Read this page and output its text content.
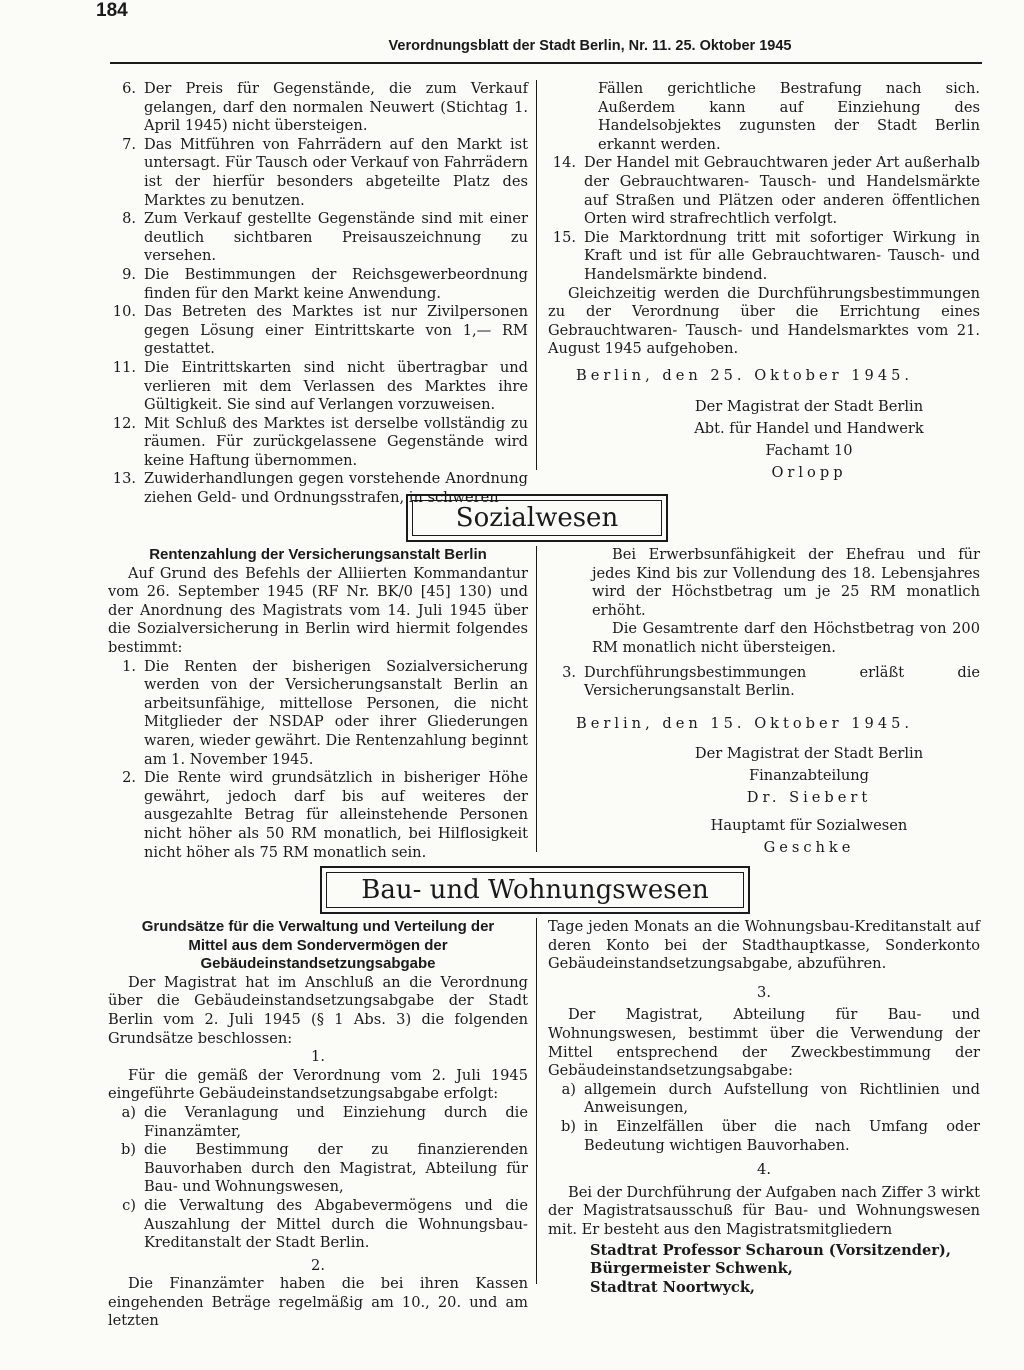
184
Verordnungsblatt der Stadt Berlin, Nr. 11. 25. Oktober 1945
6. Der Preis für Gegenstände, die zum Verkauf gelangen, darf den normalen Neuwert (Stichtag 1. April 1945) nicht übersteigen.
7. Das Mitführen von Fahrrädern auf den Markt ist untersagt. Für Tausch oder Verkauf von Fahrrädern ist der hierfür besonders abgeteilte Platz des Marktes zu benutzen.
8. Zum Verkauf gestellte Gegenstände sind mit einer deutlich sichtbaren Preisauszeichnung zu versehen.
9. Die Bestimmungen der Reichsgewerbeordnung finden für den Markt keine Anwendung.
10. Das Betreten des Marktes ist nur Zivilpersonen gegen Lösung einer Eintrittskarte von 1,— RM gestattet.
11. Die Eintrittskarten sind nicht übertragbar und verlieren mit dem Verlassen des Marktes ihre Gültigkeit. Sie sind auf Verlangen vorzuweisen.
12. Mit Schluß des Marktes ist derselbe vollständig zu räumen. Für zurückgelassene Gegenstände wird keine Haftung übernommen.
13. Zuwiderhandlungen gegen vorstehende Anordnung ziehen Geld- und Ordnungsstrafen, in schweren
Fällen gerichtliche Bestrafung nach sich. Außerdem kann auf Einziehung des Handelsobjektes zugunsten der Stadt Berlin erkannt werden.
14. Der Handel mit Gebrauchtwaren jeder Art außerhalb der Gebrauchtwaren- Tausch- und Handelsmärkte auf Straßen und Plätzen oder anderen öffentlichen Orten wird strafrechtlich verfolgt.
15. Die Marktordnung tritt mit sofortiger Wirkung in Kraft und ist für alle Gebrauchtwaren- Tausch- und Handelsmärkte bindend.
Gleichzeitig werden die Durchführungsbestimmungen zu der Verordnung über die Errichtung eines Gebrauchtwaren- Tausch- und Handelsmarktes vom 21. August 1945 aufgehoben.
Berlin, den 25. Oktober 1945.
Der Magistrat der Stadt Berlin
Abt. für Handel und Handwerk
Fachamt 10
Orlopp
Sozialwesen
Rentenzahlung der Versicherungsanstalt Berlin
Auf Grund des Befehls der Alliierten Kommandantur vom 26. September 1945 (RF Nr. BK/0 [45] 130) und der Anordnung des Magistrats vom 14. Juli 1945 über die Sozialversicherung in Berlin wird hiermit folgendes bestimmt:
1. Die Renten der bisherigen Sozialversicherung werden von der Versicherungsanstalt Berlin an arbeitsunfähige, mittellose Personen, die nicht Mitglieder der NSDAP oder ihrer Gliederungen waren, wieder gewährt. Die Rentenzahlung beginnt am 1. November 1945.
2. Die Rente wird grundsätzlich in bisheriger Höhe gewährt, jedoch darf bis auf weiteres der ausgezahlte Betrag für alleinstehende Personen nicht höher als 50 RM monatlich, bei Hilflosigkeit nicht höher als 75 RM monatlich sein.
Bei Erwerbsunfähigkeit der Ehefrau und für jedes Kind bis zur Vollendung des 18. Lebensjahres wird der Höchstbetrag um je 25 RM monatlich erhöht.
Die Gesamtrente darf den Höchstbetrag von 200 RM monatlich nicht übersteigen.
3. Durchführungsbestimmungen erläßt die Versicherungsanstalt Berlin.
Berlin, den 15. Oktober 1945.
Der Magistrat der Stadt Berlin
Finanzabteilung
Dr. Siebert
Hauptamt für Sozialwesen
Geschke
Bau- und Wohnungswesen
Grundsätze für die Verwaltung und Verteilung der Mittel aus dem Sondervermögen der Gebäudeinstandsetzungsabgabe
Der Magistrat hat im Anschluß an die Verordnung über die Gebäudeinstandsetzungsabgabe der Stadt Berlin vom 2. Juli 1945 (§ 1 Abs. 3) die folgenden Grundsätze beschlossen:
1.
Für die gemäß der Verordnung vom 2. Juli 1945 eingeführte Gebäudeinstandsetzungsabgabe erfolgt:
a) die Veranlagung und Einziehung durch die Finanzämter,
b) die Bestimmung der zu finanzierenden Bauvorhaben durch den Magistrat, Abteilung für Bau- und Wohnungswesen,
c) die Verwaltung des Abgabevermögens und die Auszahlung der Mittel durch die Wohnungsbau-Kreditanstalt der Stadt Berlin.
2.
Die Finanzämter haben die bei ihren Kassen eingehenden Beträge regelmäßig am 10., 20. und am letzten
Tage jeden Monats an die Wohnungsbau-Kreditanstalt auf deren Konto bei der Stadthauptkasse, Sonderkonto Gebäudeinstandsetzungsabgabe, abzuführen.
3.
Der Magistrat, Abteilung für Bau- und Wohnungswesen, bestimmt über die Verwendung der Mittel entsprechend der Zweckbestimmung der Gebäudeinstandsetzungsabgabe:
a) allgemein durch Aufstellung von Richtlinien und Anweisungen,
b) in Einzelfällen über die nach Umfang oder Bedeutung wichtigen Bauvorhaben.
4.
Bei der Durchführung der Aufgaben nach Ziffer 3 wirkt der Magistratsausschuß für Bau- und Wohnungswesen mit. Er besteht aus den Magistratsmitgliedern
Stadtrat Professor Scharoun (Vorsitzender),
Bürgermeister Schwenk,
Stadtrat Noortwyck,
